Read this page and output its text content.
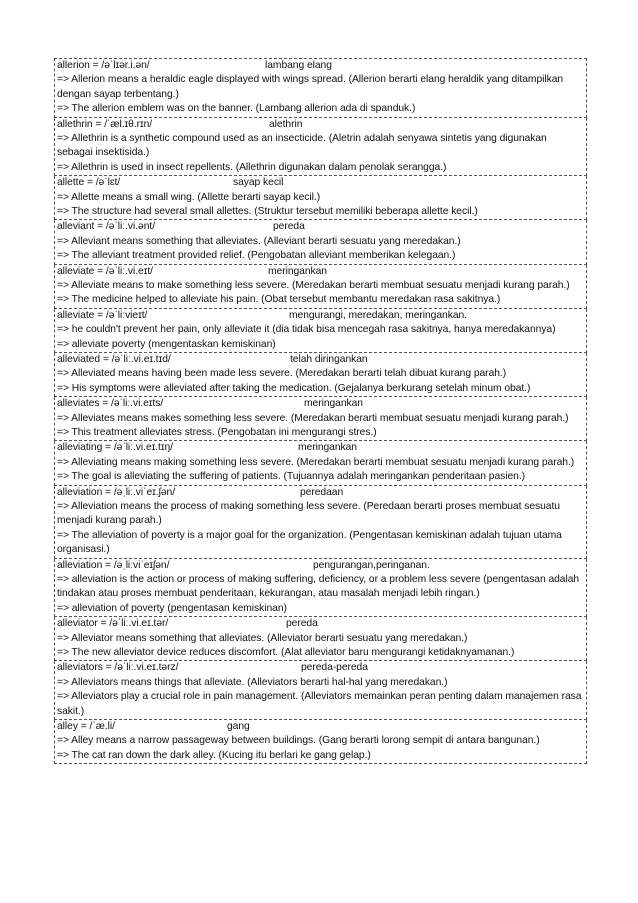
allerion = /əˈlɪər.i.ən/	lambang elang
=> Allerion means a heraldic eagle displayed with wings spread. (Allerion berarti elang heraldik yang ditampilkan dengan sayap terbentang.)
=> The allerion emblem was on the banner. (Lambang allerion ada di spanduk.)
allethrin = /ˈæl.ɪθ.rɪn/	alethrin
=> Allethrin is a synthetic compound used as an insecticide. (Aletrin adalah senyawa sintetis yang digunakan sebagai insektisida.)
=> Allethrin is used in insect repellents. (Allethrin digunakan dalam penolak serangga.)
allette = /əˈlɛt/	sayap kecil
=> Allette means a small wing. (Allette berarti sayap kecil.)
=> The structure had several small allettes. (Struktur tersebut memiliki beberapa allette kecil.)
alleviant = /əˈliː.vi.ənt/	pereda
=> Alleviant means something that alleviates. (Alleviant berarti sesuatu yang meredakan.)
=> The alleviant treatment provided relief. (Pengobatan alleviant memberikan kelegaan.)
alleviate = /əˈliː.vi.eɪt/	meringankan
=> Alleviate means to make something less severe. (Meredakan berarti membuat sesuatu menjadi kurang parah.)
=> The medicine helped to alleviate his pain. (Obat tersebut membantu meredakan rasa sakitnya.)
alleviate = /əˈliːvieɪt/	mengurangi, meredakan, meringankan.
=> he couldn't prevent her pain, only alleviate it (dia tidak bisa mencegah rasa sakitnya, hanya meredakannya)
=> alleviate poverty (mengentaskan kemiskinan)
alleviated = /əˈliː.vi.eɪ.tɪd/	telah diringankan
=> Alleviated means having been made less severe. (Meredakan berarti telah dibuat kurang parah.)
=> His symptoms were alleviated after taking the medication. (Gejalanya berkurang setelah minum obat.)
alleviates = /əˈliː.vi.eɪts/	meringankan
=> Alleviates means makes something less severe. (Meredakan berarti membuat sesuatu menjadi kurang parah.)
=> This treatment alleviates stress. (Pengobatan ini mengurangi stres.)
alleviating = /əˈliː.vi.eɪ.tɪŋ/	meringankan
=> Alleviating means making something less severe. (Meredakan berarti membuat sesuatu menjadi kurang parah.)
=> The goal is alleviating the suffering of patients. (Tujuannya adalah meringankan penderitaan pasien.)
alleviation = /əˌliː.viˈeɪ.ʃən/	peredaan
=> Alleviation means the process of making something less severe. (Peredaan berarti proses membuat sesuatu menjadi kurang parah.)
=> The alleviation of poverty is a major goal for the organization. (Pengentasan kemiskinan adalah tujuan utama organisasi.)
alleviation = /əˌliːviˈeɪʃən/	pengurangan,peringanan.
=> alleviation is the action or process of making suffering, deficiency, or a problem less severe (pengentasan adalah tindakan atau proses membuat penderitaan, kekurangan, atau masalah menjadi lebih ringan.)
=> alleviation of poverty (pengentasan kemiskinan)
alleviator = /əˈliː.vi.eɪ.tər/	pereda
=> Alleviator means something that alleviates. (Alleviator berarti sesuatu yang meredakan.)
=> The new alleviator device reduces discomfort. (Alat alleviator baru mengurangi ketidaknyamanan.)
alleviators = /əˈliː.vi.eɪ.tərz/	pereda-pereda
=> Alleviators means things that alleviate. (Alleviators berarti hal-hal yang meredakan.)
=> Alleviators play a crucial role in pain management. (Alleviators memainkan peran penting dalam manajemen rasa sakit.)
alley = /ˈæ.li/	gang
=> Alley means a narrow passageway between buildings. (Gang berarti lorong sempit di antara bangunan.)
=> The cat ran down the dark alley. (Kucing itu berlari ke gang gelap.)
